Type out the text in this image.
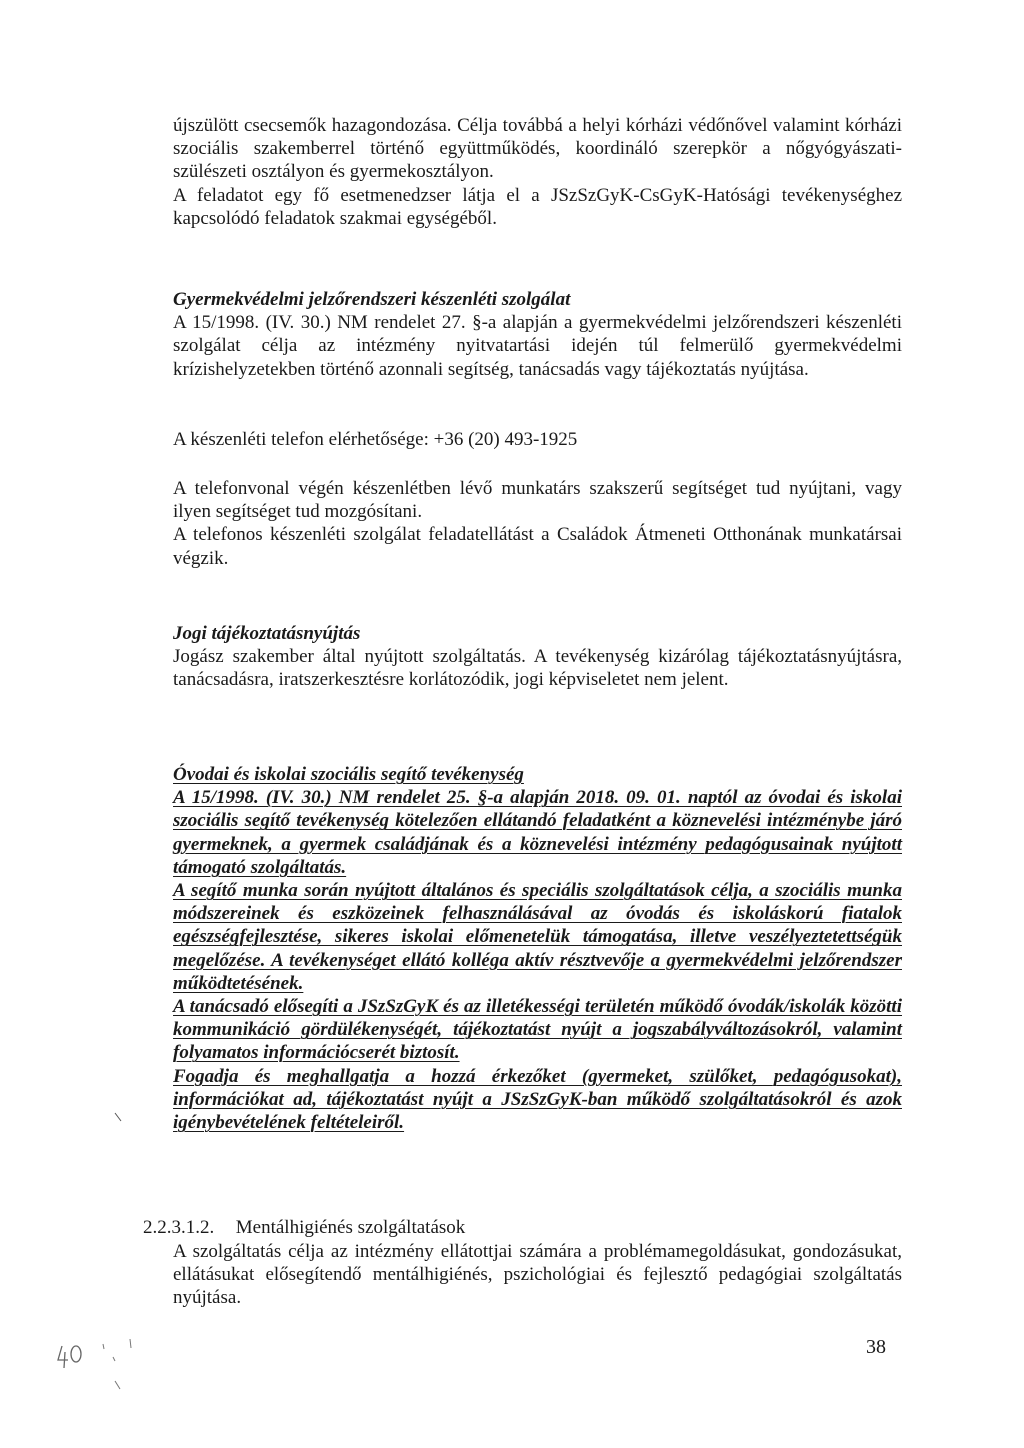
újszülött csecsemők hazagondozása. Célja továbbá a helyi kórházi védőnővel valamint kórházi szociális szakemberrel történő együttműködés, koordináló szerepkör a nőgyógyászati- szülészeti osztályon és gyermekosztályon.

A feladatot egy fő esetmenedzser látja el a JSzSzGyK-CsGyK-Hatósági tevékenységhez kapcsolódó feladatok szakmai egységéből.

Gyermekvédelmi jelzőrendszeri készenléti szolgálat

A 15/1998. (IV. 30.) NM rendelet 27. §-a alapján a gyermekvédelmi jelzőrendszeri készenléti szolgálat célja az intézmény nyitvatartási idején túl felmerülő gyermekvédelmi krízishelyzetekben történő azonnali segítség, tanácsadás vagy tájékoztatás nyújtása.

A készenléti telefon elérhetősége: +36 (20) 493-1925

A telefonvonal végén készenlétben lévő munkatárs szakszerű segítséget tud nyújtani, vagy ilyen segítséget tud mozgósítani.

A telefonos készenléti szolgálat feladatellátást a Családok Átmeneti Otthonának munkatársai végzik.

Jogi tájékoztatásnyújtás

Jogász szakember által nyújtott szolgáltatás. A tevékenység kizárólag tájékoztatásnyújtásra, tanácsadásra, iratszerkesztésre korlátozódik, jogi képviseletet nem jelent.

Óvodai és iskolai szociális segítő tevékenység

A 15/1998. (IV. 30.) NM rendelet 25. §-a alapján 2018. 09. 01. naptól az óvodai és iskolai szociális segítő tevékenység kötelezően ellátandó feladatként a köznevelési intézménybe járó gyermeknek, a gyermek családjának és a köznevelési intézmény pedagógusainak nyújtott támogató szolgáltatás.

A segítő munka során nyújtott általános és speciális szolgáltatások célja, a szociális munka módszereinek és eszközeinek felhasználásával az óvodás és iskoláskorú fiatalok egészségfejlesztése, sikeres iskolai előmenetelük támogatása, illetve veszélyeztetettségük megelőzése. A tevékenységet ellátó kolléga aktív résztvevője a gyermekvédelmi jelzőrendszer működtetésének.

A tanácsadó elősegíti a JSzSzGyK és az illetékességi területén működő óvodák/iskolák közötti kommunikáció gördülékenységét, tájékoztatást nyújt a jogszabályváltozásokról, valamint folyamatos információcserét biztosít.

Fogadja és meghallgatja a hozzá érkezőket (gyermeket, szülőket, pedagógusokat), információkat ad, tájékoztatást nyújt a JSzSzGyK-ban működő szolgáltatásokról és azok igénybevételének feltételeiről.

2.2.3.1.2. Mentálhigiénés szolgáltatások

A szolgáltatás célja az intézmény ellátottjai számára a problémamegoldásukat, gondozásukat, ellátásukat elősegítendő mentálhigiénés, pszichológiai és fejlesztő pedagógiai szolgáltatás nyújtása.

38
